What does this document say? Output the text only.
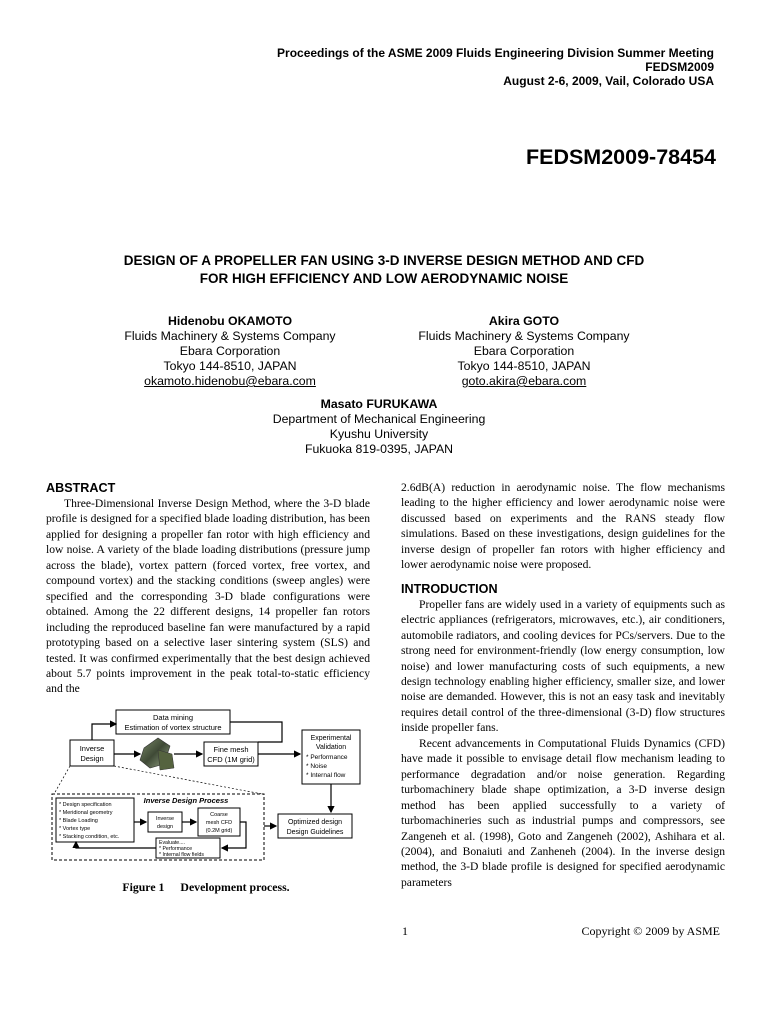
Proceedings of the ASME 2009 Fluids Engineering Division Summer Meeting
FEDSM2009
August 2-6, 2009, Vail, Colorado USA
FEDSM2009-78454
DESIGN OF A PROPELLER FAN USING 3-D INVERSE DESIGN METHOD AND CFD
FOR HIGH EFFICIENCY AND LOW AERODYNAMIC NOISE
Hidenobu OKAMOTO
Fluids Machinery & Systems Company
Ebara Corporation
Tokyo 144-8510, JAPAN
okamoto.hidenobu@ebara.com
Akira GOTO
Fluids Machinery & Systems Company
Ebara Corporation
Tokyo 144-8510, JAPAN
goto.akira@ebara.com
Masato FURUKAWA
Department of Mechanical Engineering
Kyushu University
Fukuoka 819-0395, JAPAN
ABSTRACT

Three-Dimensional Inverse Design Method, where the 3-D blade profile is designed for a specified blade loading distribution, has been applied for designing a propeller fan rotor with high efficiency and low noise. A variety of the blade loading distributions (pressure jump across the blade), vortex pattern (forced vortex, free vortex, and compound vortex) and the stacking conditions (sweep angles) were specified and the corresponding 3-D blade configurations were obtained. Among the 22 different designs, 14 propeller fan rotors including the reproduced baseline fan were manufactured by a rapid prototyping based on a selective laser sintering system (SLS) and tested. It was confirmed experimentally that the best design achieved about 5.7 points improvement in the peak total-to-static efficiency and the

Data mining
Estimation of vortex structure
Inverse
Design
Fine mesh
CFD (1M grid)
Experimental
Validation
* Performance
* Noise
* Internal flow
Optimized design
Design Guidelines
Inverse Design Process
* Design specification
* Meridional geometry
* Blade Loading
* Vortex type
* Stacking condition, etc.
Inverse
design
Coarse
mesh CFD
(0.2M grid)
Evaluate....
* Performance
* Internal flow fields
Figure 1 Development process.

2.6dB(A) reduction in aerodynamic noise. The flow mechanisms leading to the higher efficiency and lower aerodynamic noise were discussed based on experiments and the RANS steady flow simulations. Based on these investigations, design guidelines for the inverse design of propeller fan rotors with higher efficiency and lower aerodynamic noise were proposed.

INTRODUCTION

Propeller fans are widely used in a variety of equipments such as electric appliances (refrigerators, microwaves, etc.), air conditioners, automobile radiators, and cooling devices for PCs/servers. Due to the strong need for environment-friendly (low energy consumption, low noise) and lower manufacturing costs of such equipments, a new design technology enabling higher efficiency, smaller size, and lower noise are demanded. However, this is not an easy task and inevitably requires detail control of the three-dimensional (3-D) flow structures inside propeller fans.

Recent advancements in Computational Fluids Dynamics (CFD) have made it possible to envisage detail flow mechanism leading to performance degradation and/or noise generation. Regarding turbomachinery blade shape optimization, a 3-D inverse design method has been applied successfully to a variety of turbomachineries such as industrial pumps and compressors, see Zangeneh et al. (1998), Goto and Zangeneh (2002), Ashihara et al. (2004), and Bonaiuti and Zanheneh (2004). In the inverse design method, the 3-D blade profile is designed for specified aerodynamic parameters

1	Copyright © 2009 by ASME
